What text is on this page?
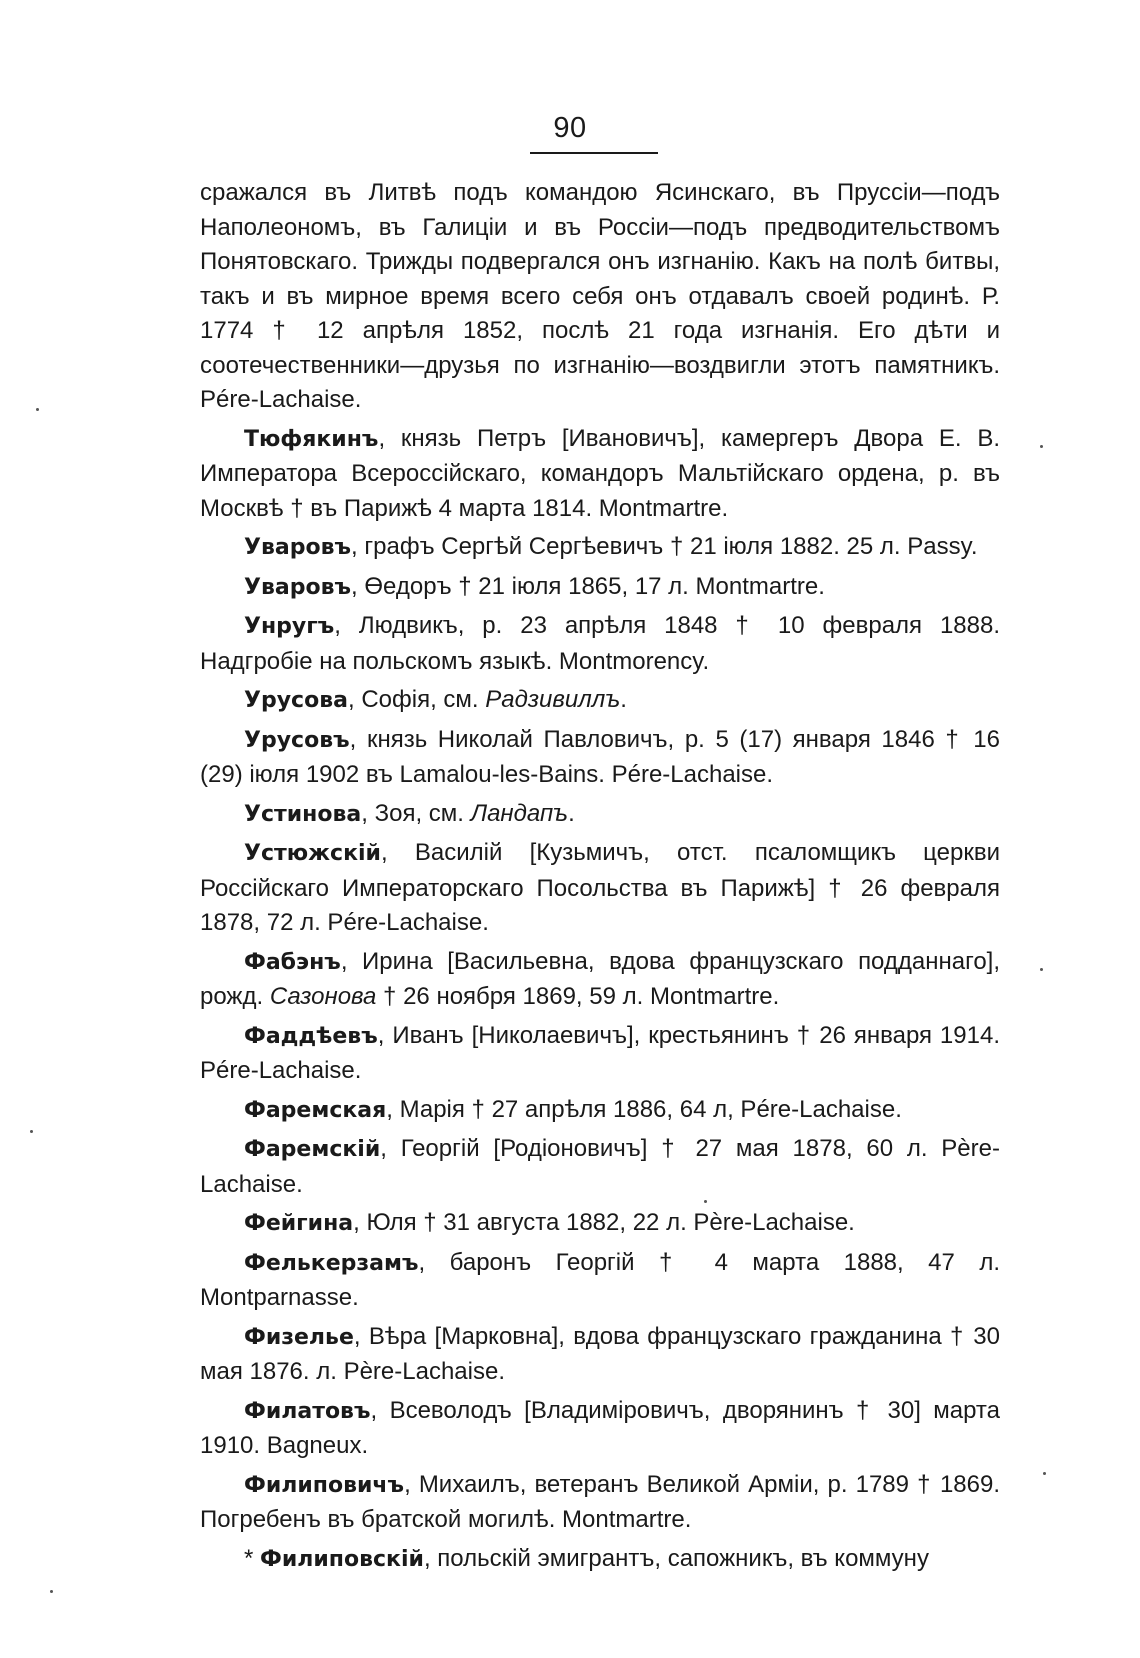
90

сражался въ Литвѣ подъ командою Ясинскаго, въ Пруссіи—подъ Наполеономъ, въ Галиціи и въ Россіи—подъ предводительствомъ Понятовскаго. Трижды подвергался онъ изгнанію. Какъ на полѣ битвы, такъ и въ мирное время всего себя онъ отдавалъ своей родинѣ. Р. 1774 † 12 апрѣля 1852, послѣ 21 года изгнанія. Его дѣти и соотечественники—друзья по изгнанію—воздвигли этотъ памятникъ. Pére-Lachaise.

Тюфякинъ, князь Петръ [Ивановичъ], камергеръ Двора Е. В. Императора Всероссійскаго, командоръ Мальтійскаго ордена, р. въ Москвѣ † въ Парижѣ 4 марта 1814. Montmartre.

Уваровъ, графъ Сергѣй Сергѣевичъ † 21 іюля 1882. 25 л. Passy.

Уваровъ, Өедоръ † 21 іюля 1865, 17 л. Montmartre.

Унругъ, Людвикъ, р. 23 апрѣля 1848 † 10 февраля 1888. Надгробіе на польскомъ языкѣ. Montmorency.

Урусова, Софія, см. Радзивиллъ.

Урусовъ, князь Николай Павловичъ, р. 5 (17) января 1846 † 16 (29) іюля 1902 въ Lamalou-les-Bains. Pére-Lachaise.

Устинова, Зоя, см. Ландапъ.

Устюжскій, Василій [Кузьмичъ, отст. псаломщикъ церкви Россійскаго Императорскаго Посольства въ Парижѣ] † 26 февраля 1878, 72 л. Pére-Lachaise.

Фабэнъ, Ирина [Васильевна, вдова французскаго подданнаго], рожд. Сазонова † 26 ноября 1869, 59 л. Montmartre.

Фаддѣевъ, Иванъ [Николаевичъ], крестьянинъ † 26 января 1914. Pére-Lachaise.

Фаремская, Марія † 27 апрѣля 1886, 64 л, Pére-Lachaise.

Фаремскій, Георгій [Родіоновичъ] † 27 мая 1878, 60 л. Pѐre-Lachaise.

Фейгина, Юля † 31 августа 1882, 22 л. Pѐre-Lachaise.

Фелькерзамъ, баронъ Георгій † 4 марта 1888, 47 л. Montparnasse.

Физелье, Вѣра [Марковна], вдова французскаго гражданина † 30 мая 1876. л. Pѐre-Lachaise.

Филатовъ, Всеволодъ [Владиміровичъ, дворянинъ † 30] марта 1910. Bagneux.

Филиповичъ, Михаилъ, ветеранъ Великой Арміи, р. 1789 † 1869. Погребенъ въ братской могилѣ. Montmartre.

* Филиповскій, польскій эмигрантъ, сапожникъ, въ коммуну
